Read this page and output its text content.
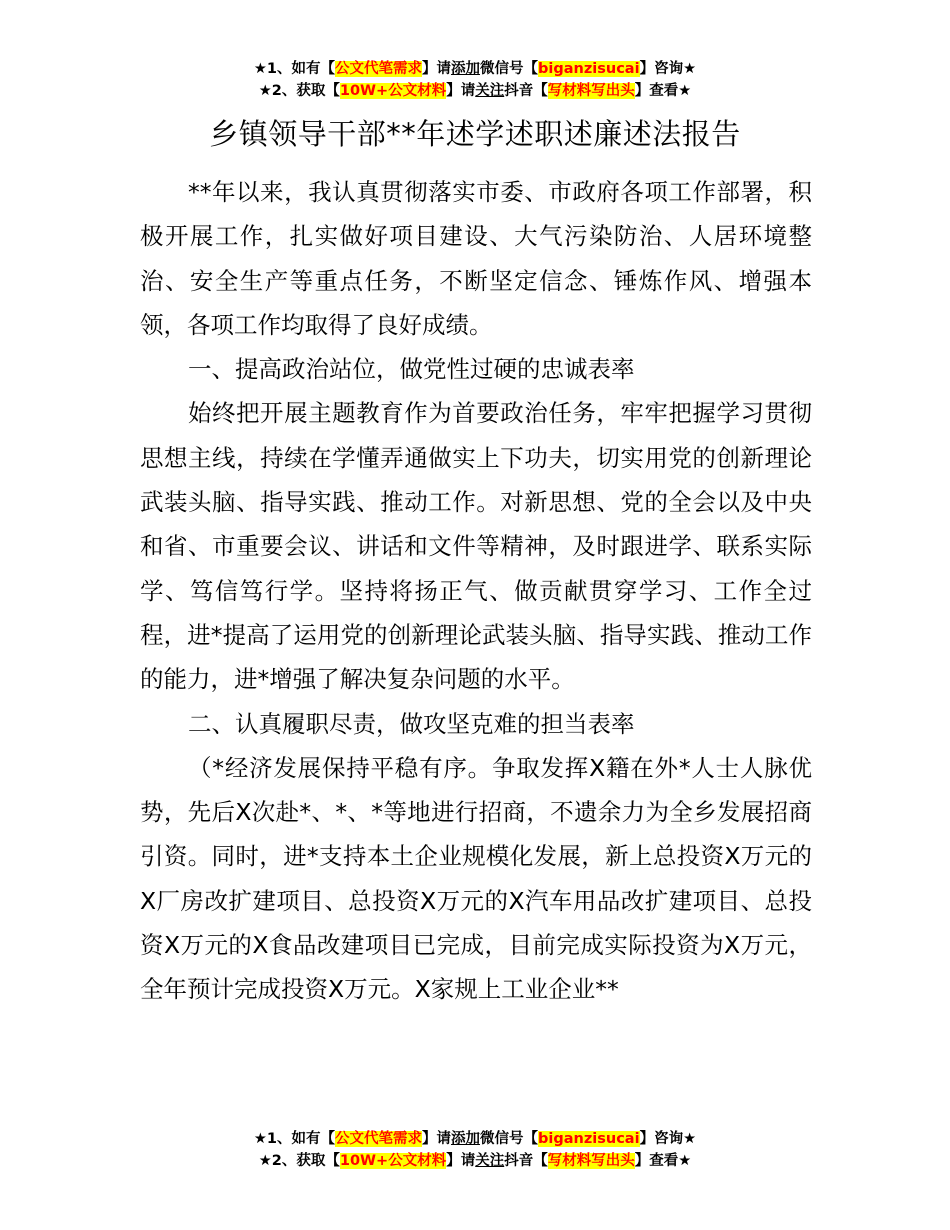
★1、如有【公文代笔需求】请添加微信号【biganzisucai】咨询★
★2、获取【10W+公文材料】请关注抖音【写材料写出头】查看★
乡镇领导干部**年述学述职述廉述法报告

**年以来，我认真贯彻落实市委、市政府各项工作部署，积极开展工作，扎实做好项目建设、大气污染防治、人居环境整治、安全生产等重点任务，不断坚定信念、锤炼作风、增强本领，各项工作均取得了良好成绩。

一、提高政治站位，做党性过硬的忠诚表率

始终把开展主题教育作为首要政治任务，牢牢把握学习贯彻思想主线，持续在学懂弄通做实上下功夫，切实用党的创新理论武装头脑、指导实践、推动工作。对新思想、党的全会以及中央和省、市重要会议、讲话和文件等精神，及时跟进学、联系实际学、笃信笃行学。坚持将扬正气、做贡献贯穿学习、工作全过程，进*提高了运用党的创新理论武装头脑、指导实践、推动工作的能力，进*增强了解决复杂问题的水平。

二、认真履职尽责，做攻坚克难的担当表率

（*经济发展保持平稳有序。争取发挥X籍在外*人士人脉优势，先后X次赴*、*、*等地进行招商，不遗余力为全乡发展招商引资。同时，进*支持本土企业规模化发展，新上总投资X万元的X厂房改扩建项目、总投资X万元的X汽车用品改扩建项目、总投资X万元的X食品改建项目已完成，目前完成实际投资为X万元，全年预计完成投资X万元。X家规上工业企业**

★1、如有【公文代笔需求】请添加微信号【biganzisucai】咨询★
★2、获取【10W+公文材料】请关注抖音【写材料写出头】查看★
